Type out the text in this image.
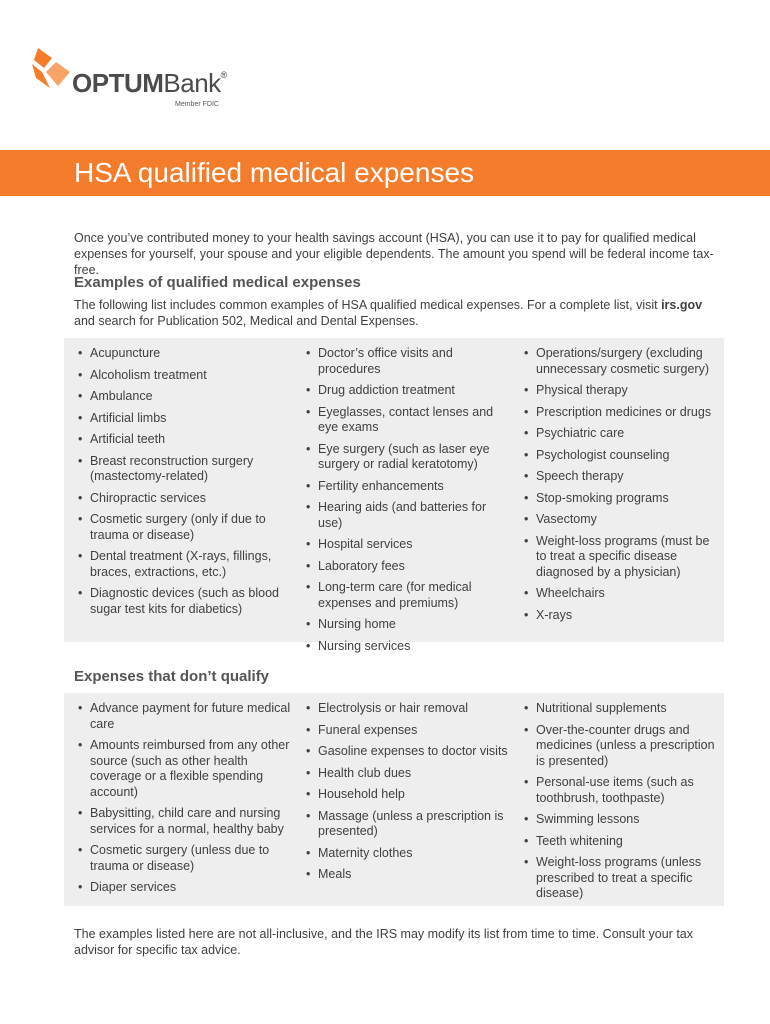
OPTUMBank®
Member FDIC
HSA qualified medical expenses

Once you’ve contributed money to your health savings account (HSA), you can use it to pay for qualified medical expenses for yourself, your spouse and your eligible dependents. The amount you spend will be federal income tax-free.

Examples of qualified medical expenses

The following list includes common examples of HSA qualified medical expenses. For a complete list, visit irs.gov and search for Publication 502, Medical and Dental Expenses.

• Acupuncture
• Alcoholism treatment
• Ambulance
• Artificial limbs
• Artificial teeth
• Breast reconstruction surgery (mastectomy-related)
• Chiropractic services
• Cosmetic surgery (only if due to trauma or disease)
• Dental treatment (X-rays, fillings, braces, extractions, etc.)
• Diagnostic devices (such as blood sugar test kits for diabetics)
• Doctor’s office visits and procedures
• Drug addiction treatment
• Eyeglasses, contact lenses and eye exams
• Eye surgery (such as laser eye surgery or radial keratotomy)
• Fertility enhancements
• Hearing aids (and batteries for use)
• Hospital services
• Laboratory fees
• Long-term care (for medical expenses and premiums)
• Nursing home
• Nursing services
• Operations/surgery (excluding unnecessary cosmetic surgery)
• Physical therapy
• Prescription medicines or drugs
• Psychiatric care
• Psychologist counseling
• Speech therapy
• Stop-smoking programs
• Vasectomy
• Weight-loss programs (must be to treat a specific disease diagnosed by a physician)
• Wheelchairs
• X-rays
Expenses that don’t qualify
• Advance payment for future medical care
• Amounts reimbursed from any other source (such as other health coverage or a flexible spending account)
• Babysitting, child care and nursing services for a normal, healthy baby
• Cosmetic surgery (unless due to trauma or disease)
• Diaper services
• Electrolysis or hair removal
• Funeral expenses
• Gasoline expenses to doctor visits
• Health club dues
• Household help
• Massage (unless a prescription is presented)
• Maternity clothes
• Meals
• Nutritional supplements
• Over-the-counter drugs and medicines (unless a prescription is presented)
• Personal-use items (such as toothbrush, toothpaste)
• Swimming lessons
• Teeth whitening
• Weight-loss programs (unless prescribed to treat a specific disease)

The examples listed here are not all-inclusive, and the IRS may modify its list from time to time. Consult your tax advisor for specific tax advice.
